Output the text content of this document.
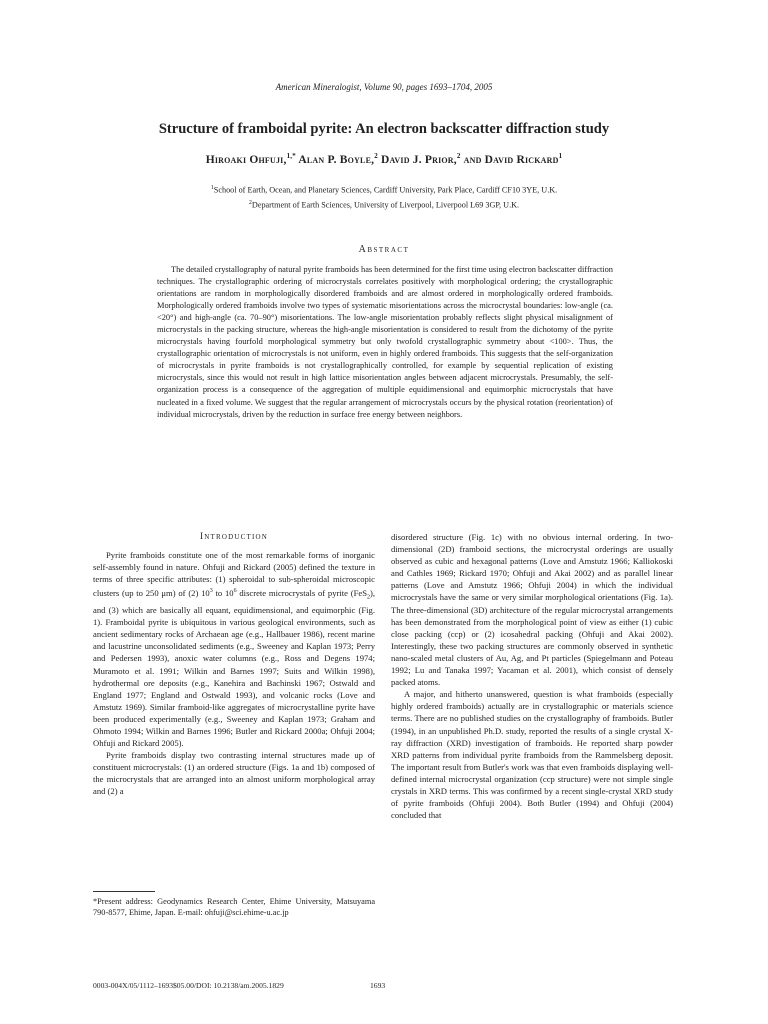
American Mineralogist, Volume 90, pages 1693–1704, 2005
Structure of framboidal pyrite: An electron backscatter diffraction study
Hiroaki Ohfuji,$^{1,*}$ Alan P. Boyle,$^2$ David J. Prior,$^2$ and David Rickard$^1$
$^1$School of Earth, Ocean, and Planetary Sciences, Cardiff University, Park Place, Cardiff CF10 3YE, U.K.
$^2$Department of Earth Sciences, University of Liverpool, Liverpool L69 3GP, U.K.
Abstract
The detailed crystallography of natural pyrite framboids has been determined for the first time using electron backscatter diffraction techniques. The crystallographic ordering of microcrystals correlates positively with morphological ordering; the crystallographic orientations are random in morphologically disordered framboids and are almost ordered in morphologically ordered framboids. Morphologically ordered framboids involve two types of systematic misorientations across the microcrystal boundaries: low-angle (ca. <20°) and high-angle (ca. 70–90°) misorientations. The low-angle misorientation probably reflects slight physical misalignment of microcrystals in the packing structure, whereas the high-angle misorientation is considered to result from the dichotomy of the pyrite microcrystals having fourfold morphological symmetry but only twofold crystallographic symmetry about <100>. Thus, the crystallographic orientation of microcrystals is not uniform, even in highly ordered framboids. This suggests that the self-organization of microcrystals in pyrite framboids is not crystallographically controlled, for example by sequential replication of existing microcrystals, since this would not result in high lattice misorientation angles between adjacent microcrystals. Presumably, the self-organization process is a consequence of the aggregation of multiple equidimensional and equimorphic microcrystals that have nucleated in a fixed volume. We suggest that the regular arrangement of microcrystals occurs by the physical rotation (reorientation) of individual microcrystals, driven by the reduction in surface free energy between neighbors.
Introduction

Pyrite framboids constitute one of the most remarkable forms of inorganic self-assembly found in nature. Ohfuji and Rickard (2005) defined the texture in terms of three specific attributes: (1) spheroidal to sub-spheroidal microscopic clusters (up to 250 μm) of (2) $10^3$ to $10^6$ discrete microcrystals of pyrite (FeS$_2$), and (3) which are basically all equant, equidimensional, and equimorphic (Fig. 1). Framboidal pyrite is ubiquitous in various geological environments, such as ancient sedimentary rocks of Archaean age (e.g., Hallbauer 1986), recent marine and lacustrine unconsolidated sediments (e.g., Sweeney and Kaplan 1973; Perry and Pedersen 1993), anoxic water columns (e.g., Ross and Degens 1974; Muramoto et al. 1991; Wilkin and Barnes 1997; Suits and Wilkin 1998), hydrothermal ore deposits (e.g., Kanehira and Bachinski 1967; Ostwald and England 1977; England and Ostwald 1993), and volcanic rocks (Love and Amstutz 1969). Similar framboid-like aggregates of microcrystalline pyrite have been produced experimentally (e.g., Sweeney and Kaplan 1973; Graham and Ohmoto 1994; Wilkin and Barnes 1996; Butler and Rickard 2000a; Ohfuji 2004; Ohfuji and Rickard 2005).

Pyrite framboids display two contrasting internal structures made up of constituent microcrystals: (1) an ordered structure (Figs. 1a and 1b) composed of the microcrystals that are arranged into an almost uniform morphological array and (2) a

disordered structure (Fig. 1c) with no obvious internal ordering. In two-dimensional (2D) framboid sections, the microcrystal orderings are usually observed as cubic and hexagonal patterns (Love and Amstutz 1966; Kalliokoski and Cathles 1969; Rickard 1970; Ohfuji and Akai 2002) and as parallel linear patterns (Love and Amstutz 1966; Ohfuji 2004) in which the individual microcrystals have the same or very similar morphological orientations (Fig. 1a). The three-dimensional (3D) architecture of the regular microcrystal arrangements has been demonstrated from the morphological point of view as either (1) cubic close packing (ccp) or (2) icosahedral packing (Ohfuji and Akai 2002). Interestingly, these two packing structures are commonly observed in synthetic nano-scaled metal clusters of Au, Ag, and Pt particles (Spiegelmann and Poteau 1992; Lu and Tanaka 1997; Yacaman et al. 2001), which consist of densely packed atoms.

A major, and hitherto unanswered, question is what framboids (especially highly ordered framboids) actually are in crystallographic or materials science terms. There are no published studies on the crystallography of framboids. Butler (1994), in an unpublished Ph.D. study, reported the results of a single crystal X-ray diffraction (XRD) investigation of framboids. He reported sharp powder XRD patterns from individual pyrite framboids from the Rammelsberg deposit. The important result from Butler's work was that even framboids displaying well-defined internal microcrystal organization (ccp structure) were not simple single crystals in XRD terms. This was confirmed by a recent single-crystal XRD study of pyrite framboids (Ohfuji 2004). Both Butler (1994) and Ohfuji (2004) concluded that

*Present address: Geodynamics Research Center, Ehime University, Matsuyama 790-8577, Ehime, Japan. E-mail: ohfuji@sci.ehime-u.ac.jp
0003-004X/05/1112–1693$05.00/DOI: 10.2138/am.2005.1829	1693
